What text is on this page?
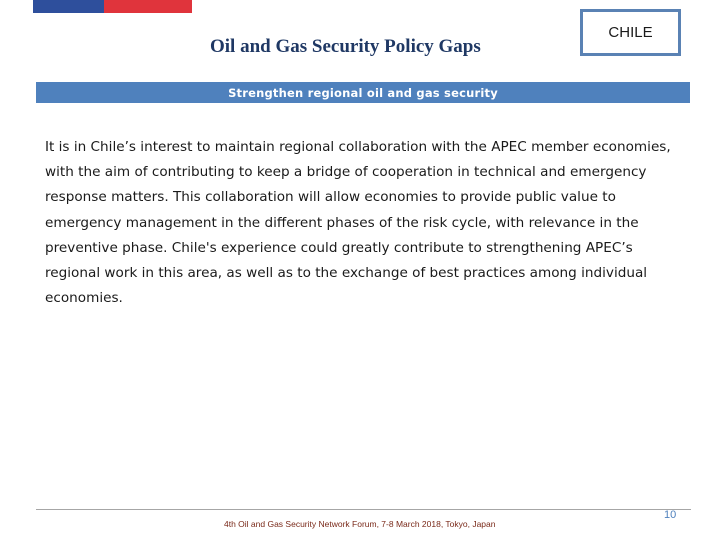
Oil and Gas Security Policy Gaps
CHILE
Strengthen regional oil and gas security

It is in Chile’s interest to maintain regional collaboration with the APEC member economies, with the aim of contributing to keep a bridge of cooperation in technical and emergency response matters. This collaboration will allow economies to provide public value to emergency management in the different phases of the risk cycle, with relevance in the preventive phase. Chile's experience could greatly contribute to strengthening APEC’s regional work in this area, as well as to the exchange of best practices among individual economies.

4th Oil and Gas Security Network Forum, 7-8 March 2018, Tokyo, Japan
10
